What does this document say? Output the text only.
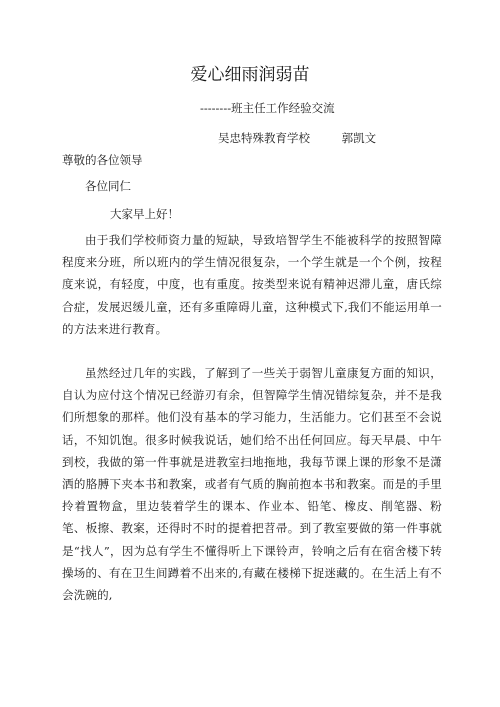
爱心细雨润弱苗
--------班主任工作经验交流
吴忠特殊教育学校	郭凯文
尊敬的各位领导
各位同仁
大家早上好！
由于我们学校师资力量的短缺，导致培智学生不能被科学的按照智障程度来分班，所以班内的学生情况很复杂，一个学生就是一个个例，按程度来说，有轻度，中度，也有重度。按类型来说有精神迟滞儿童，唐氏综合症，发展迟缓儿童，还有多重障碍儿童，这种模式下,我们不能运用单一的方法来进行教育。
虽然经过几年的实践，了解到了一些关于弱智儿童康复方面的知识，自认为应付这个情况已经游刃有余，但智障学生情况错综复杂，并不是我们所想象的那样。他们没有基本的学习能力，生活能力。它们甚至不会说话，不知饥饱。很多时候我说话，她们给不出任何回应。每天早晨、中午到校，我做的第一件事就是进教室扫地拖地，我每节课上课的形象不是潇洒的胳膊下夹本书和教案，或者有气质的胸前抱本书和教案。而是的手里拎着置物盒，里边装着学生的课本、作业本、铅笔、橡皮、削笔器、粉笔、板擦、教案，还得时不时的提着把苕帚。到了教室要做的第一件事就是“找人”，因为总有学生不懂得听上下课铃声，铃响之后有在宿舍楼下转操场的、有在卫生间蹲着不出来的,有藏在楼梯下捉迷藏的。在生活上有不会洗碗的,
